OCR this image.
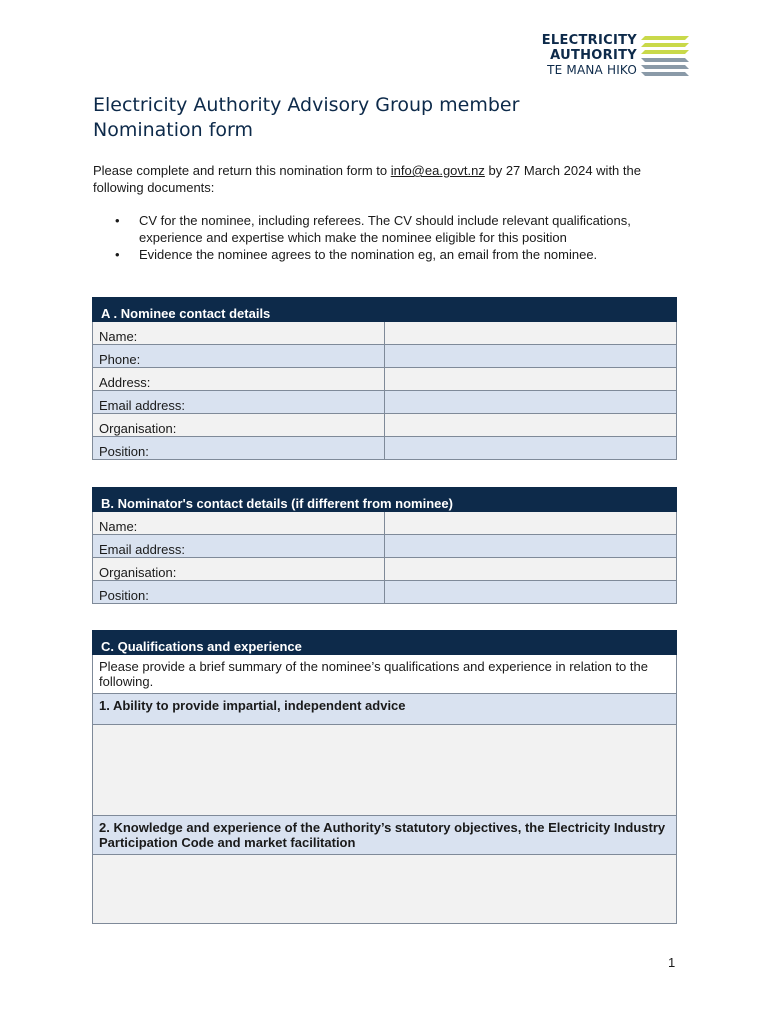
ELECTRICITY
AUTHORITY
TE MANA HIKO
Electricity Authority Advisory Group member
Nomination form
Please complete and return this nomination form to info@ea.govt.nz by 27 March 2024 with the following documents:
• CV for the nominee, including referees. The CV should include relevant qualifications, experience and expertise which make the nominee eligible for this position
• Evidence the nominee agrees to the nomination eg, an email from the nominee.
A . Nominee contact details	
Name:	
Phone:	
Address:	
Email address:	
Organisation:	
Position:	
B. Nominator's contact details (if different from nominee)	
Name:	
Email address:	
Organisation:	
Position:	
C. Qualifications and experience
Please provide a brief summary of the nominee’s qualifications and experience in relation to the following.
1. Ability to provide impartial, independent advice

2. Knowledge and experience of the Authority’s statutory objectives, the Electricity Industry Participation Code and market facilitation

1
